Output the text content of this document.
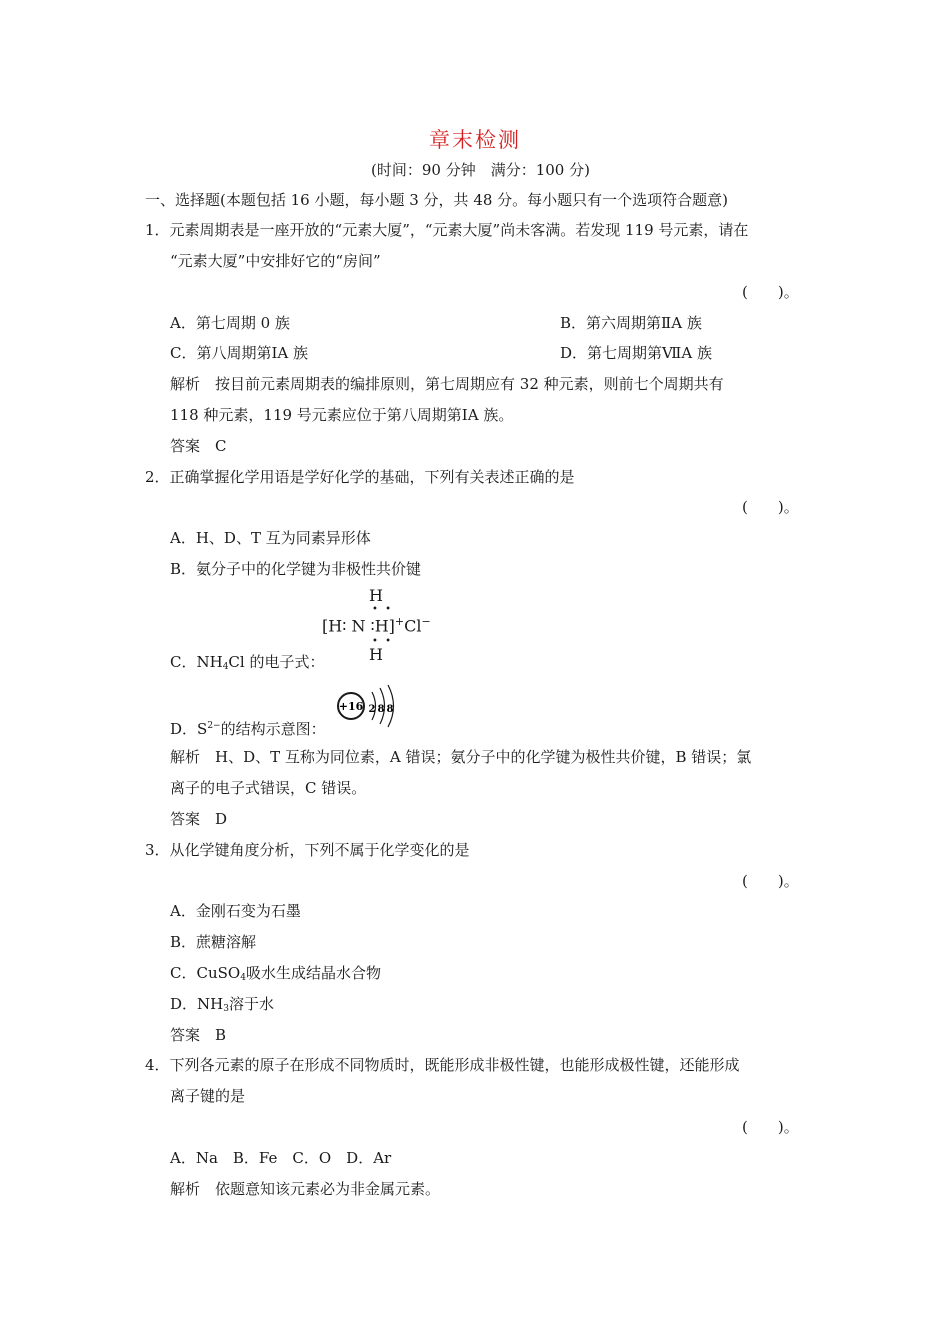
章末检测
(时间：90 分钟　满分：100 分)
一、选择题(本题包括 16 小题，每小题 3 分，共 48 分。每小题只有一个选项符合题意)
1．元素周期表是一座开放的“元素大厦”，“元素大厦”尚未客满。若发现 119 号元素，请在
“元素大厦”中安排好它的“房间”
(　　)。
A．第七周期 0 族	B．第六周期第ⅡA 族
C．第八周期第ⅠA 族	D．第七周期第ⅦA 族
解析　按目前元素周期表的编排原则，第七周期应有 32 种元素，则前七个周期共有
118 种元素，119 号元素应位于第八周期第ⅠA 族。
答案　C
2．正确掌握化学用语是学好化学的基础，下列有关表述正确的是
(　　)。
A．H、D、T 互为同素异形体
B．氨分子中的化学键为非极性共价键
H
• •
[H∶ N ∶H]+Cl−
• •
H
C．$NH_4Cl$ 的电子式：
+16 2 8 8
D．$S^{2-}$的结构示意图：
解析　H、D、T 互称为同位素，A 错误；氨分子中的化学键为极性共价键，B 错误；氯
离子的电子式错误，C 错误。
答案　D
3．从化学键角度分析，下列不属于化学变化的是
(　　)。
A．金刚石变为石墨
B．蔗糖溶解
C．CuSO$_4$吸水生成结晶水合物
D．$NH_3$溶于水
答案　B
4．下列各元素的原子在形成不同物质时，既能形成非极性键，也能形成极性键，还能形成
离子键的是
(　　)。
A．Na　B．Fe　C．O　D．Ar
解析　依题意知该元素必为非金属元素。
